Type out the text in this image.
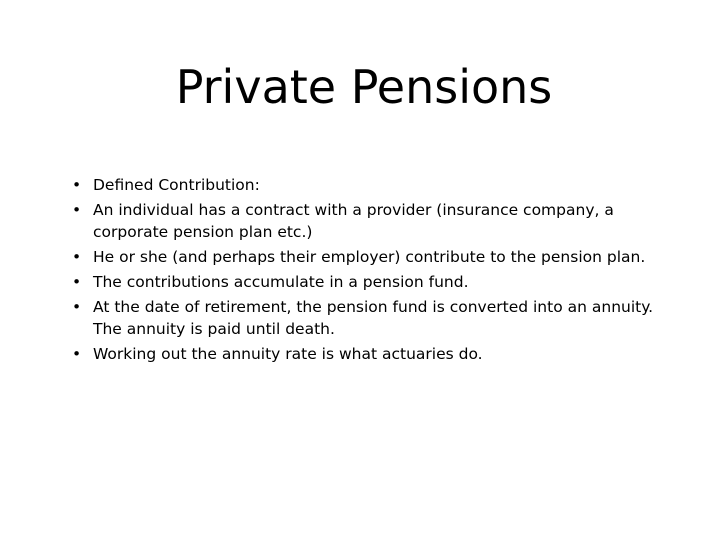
Private Pensions
• Defined Contribution:
• An individual has a contract with a provider (insurance company, a corporate pension plan etc.)
• He or she (and perhaps their employer) contribute to the pension plan.
• The contributions accumulate in a pension fund.
• At the date of retirement, the pension fund is converted into an annuity. The annuity is paid until death.
• Working out the annuity rate is what actuaries do.
